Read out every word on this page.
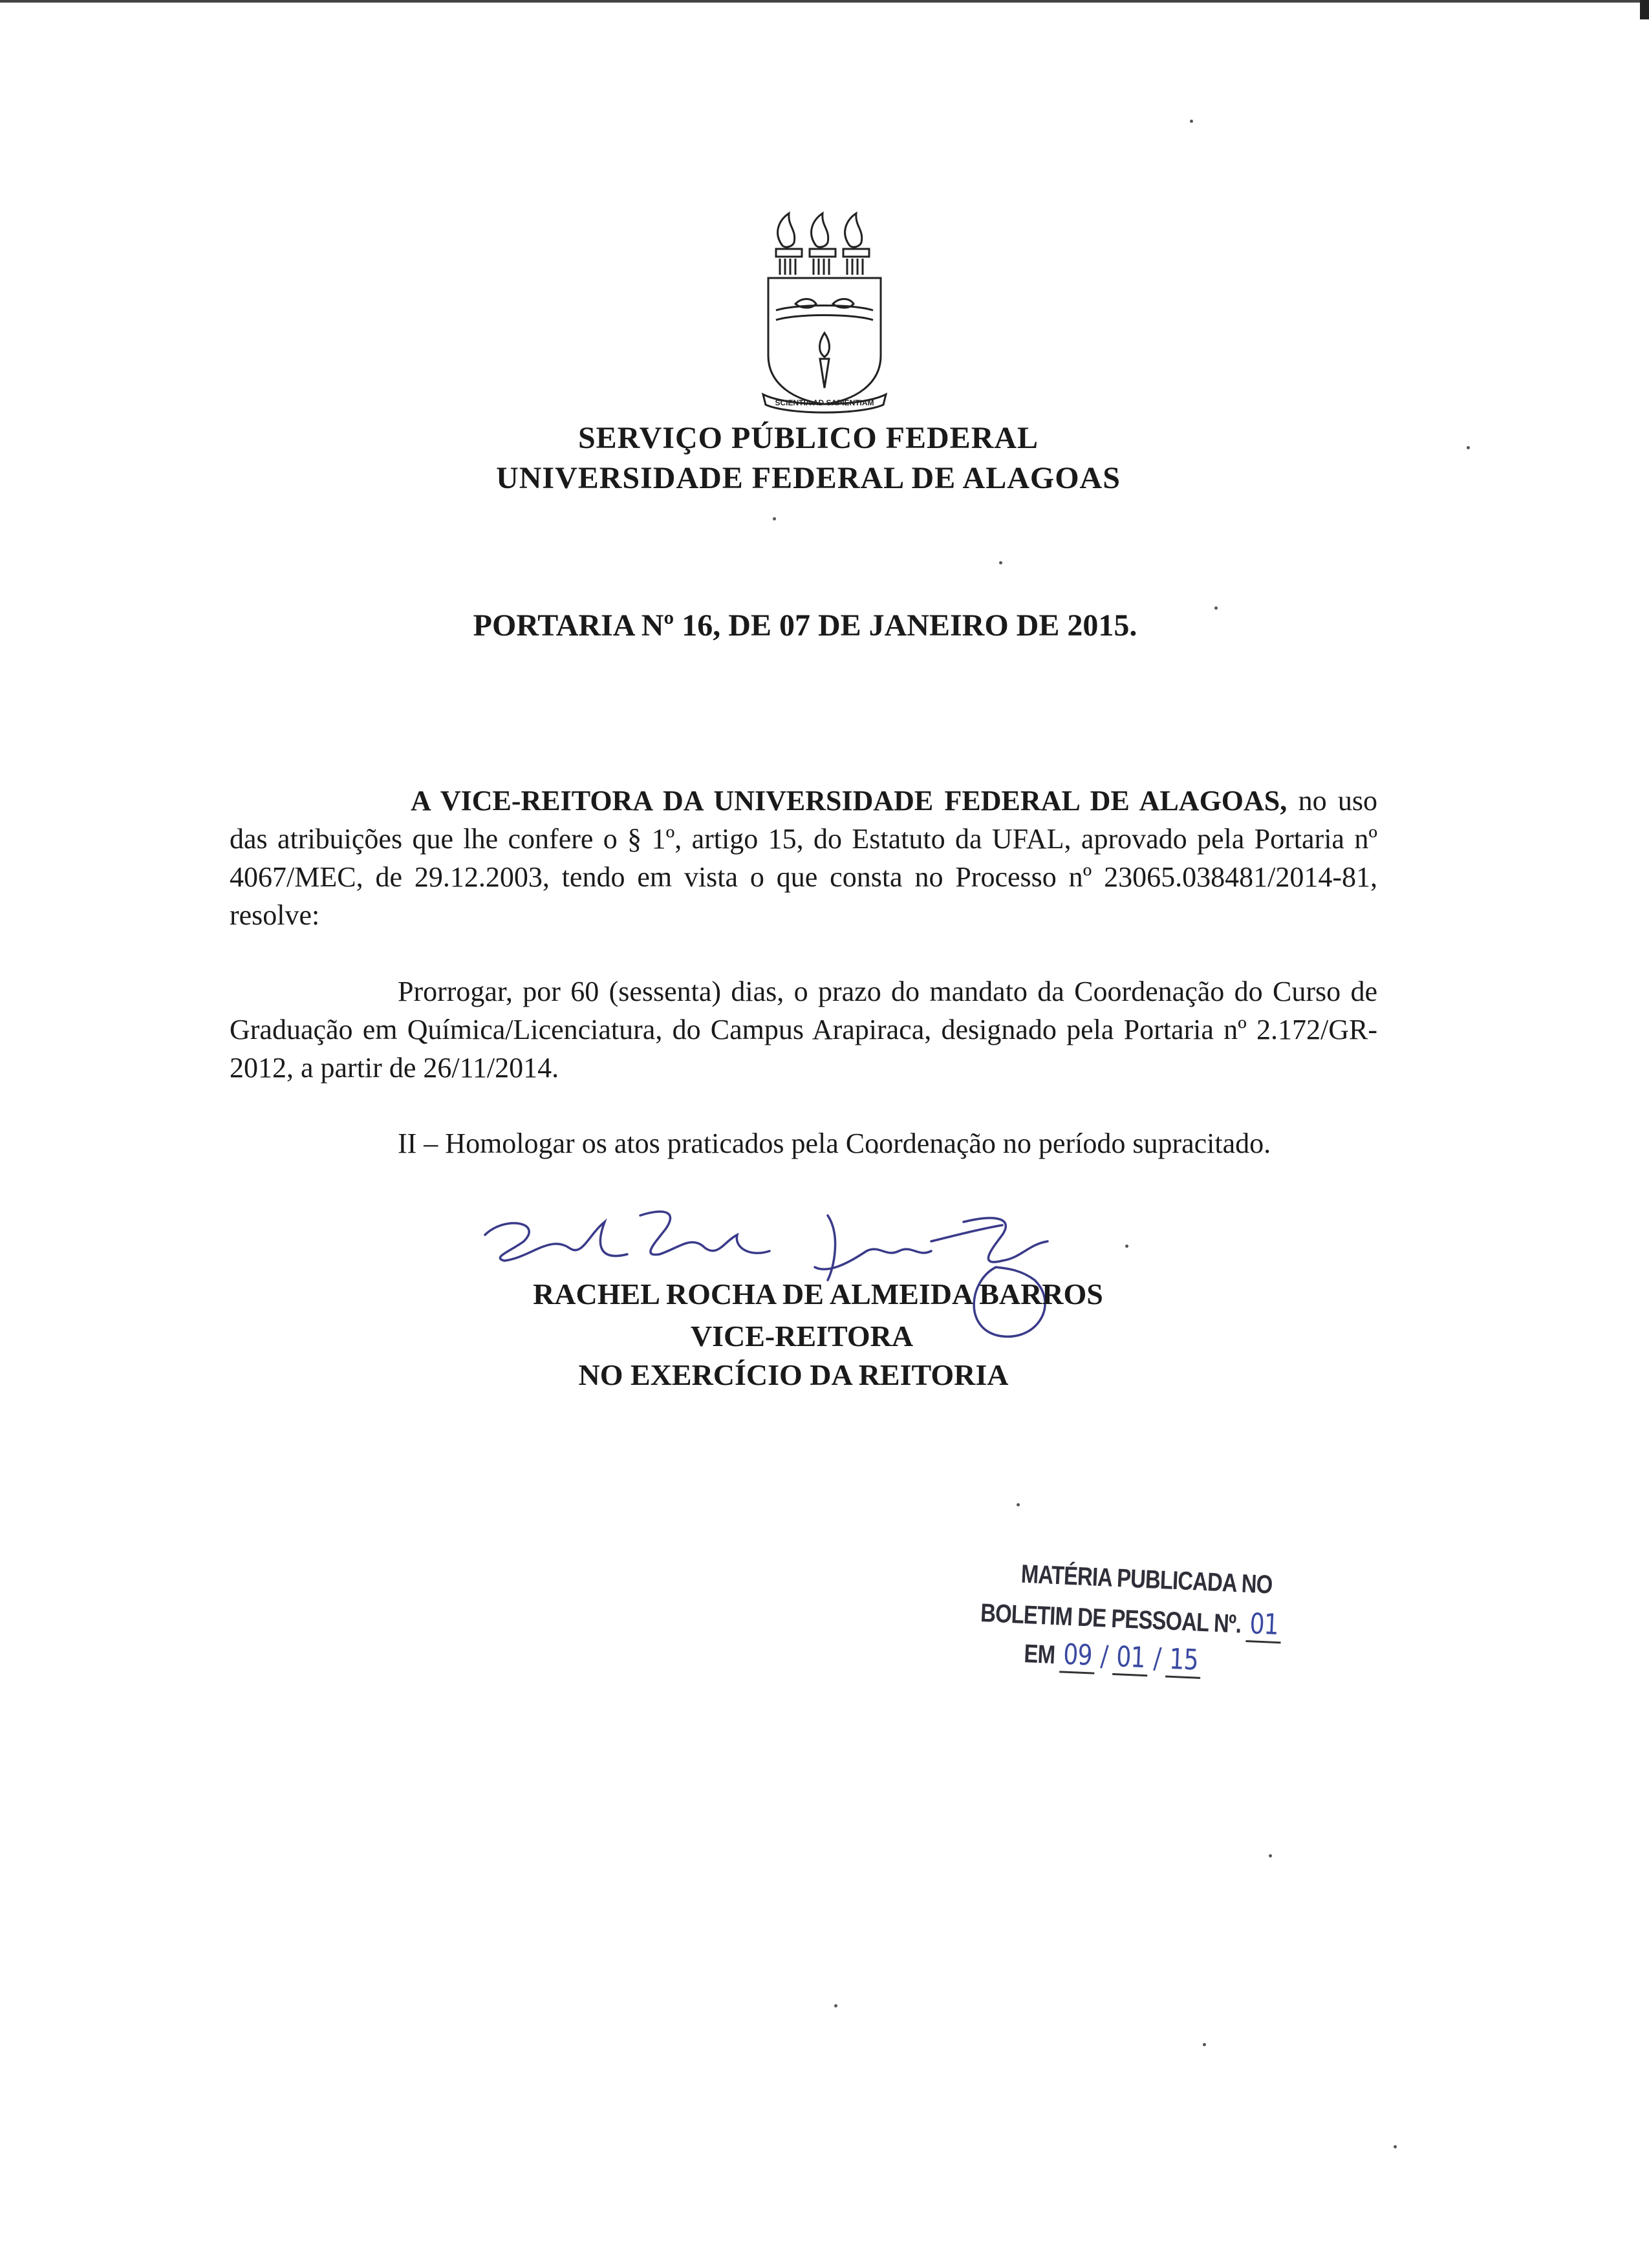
SCIENTIA AD SAPIENTIAM
SERVIÇO PÚBLICO FEDERAL
UNIVERSIDADE FEDERAL DE ALAGOAS
PORTARIA Nº 16, DE 07 DE JANEIRO DE 2015.

A VICE-REITORA DA UNIVERSIDADE FEDERAL DE ALAGOAS, no uso das atribuições que lhe confere o § 1º, artigo 15, do Estatuto da UFAL, aprovado pela Portaria nº 4067/MEC, de 29.12.2003, tendo em vista o que consta no Processo nº 23065.038481/2014-81, resolve:

Prorrogar, por 60 (sessenta) dias, o prazo do mandato da Coordenação do Curso de Graduação em Química/Licenciatura, do Campus Arapiraca, designado pela Portaria nº 2.172/GR-2012, a partir de 26/11/2014.

II – Homologar os atos praticados pela Coordenação no período supracitado.

RACHEL ROCHA DE ALMEIDA BARROS
VICE-REITORA
NO EXERCÍCIO DA REITORIA
MATÉRIA PUBLICADA NO
BOLETIM DE PESSOAL Nº. 01
EM 09 / 01 / 15
